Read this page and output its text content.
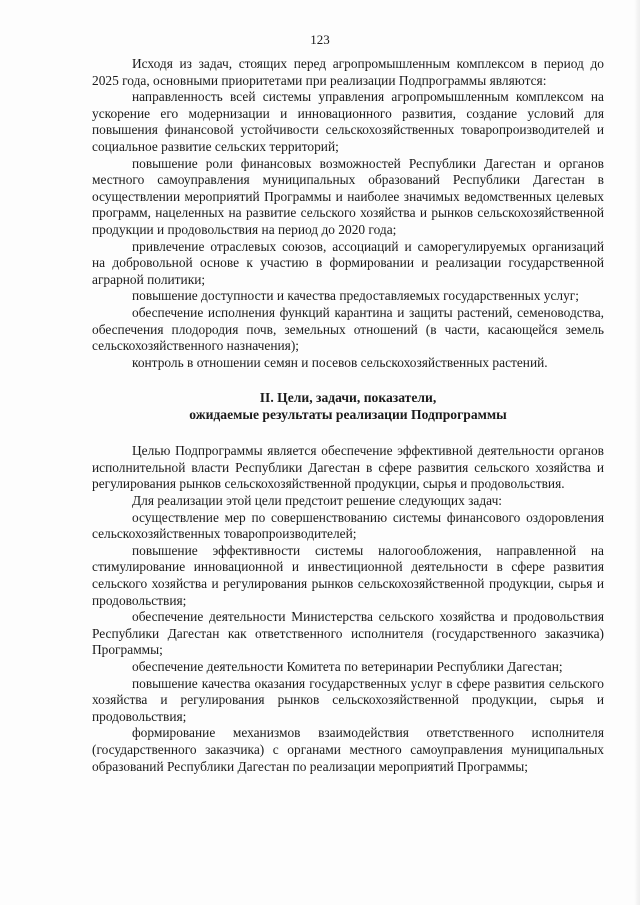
123

Исходя из задач, стоящих перед агропромышленным комплексом в период до 2025 года, основными приоритетами при реализации Подпрограммы являются:

направленность всей системы управления агропромышленным комплексом на ускорение его модернизации и инновационного развития, создание условий для повышения финансовой устойчивости сельскохозяйственных товаропроизводителей и социальное развитие сельских территорий;

повышение роли финансовых возможностей Республики Дагестан и органов местного самоуправления муниципальных образований Республики Дагестан в осуществлении мероприятий Программы и наиболее значимых ведомственных целевых программ, нацеленных на развитие сельского хозяйства и рынков сельскохозяйственной продукции и продовольствия на период до 2020 года;

привлечение отраслевых союзов, ассоциаций и саморегулируемых организаций на добровольной основе к участию в формировании и реализации государственной аграрной политики;

повышение доступности и качества предоставляемых государственных услуг;

обеспечение исполнения функций карантина и защиты растений, семеноводства, обеспечения плодородия почв, земельных отношений (в части, касающейся земель сельскохозяйственного назначения);

контроль в отношении семян и посевов сельскохозяйственных растений.

II. Цели, задачи, показатели,
ожидаемые результаты реализации Подпрограммы

Целью Подпрограммы является обеспечение эффективной деятельности органов исполнительной власти Республики Дагестан в сфере развития сельского хозяйства и регулирования рынков сельскохозяйственной продукции, сырья и продовольствия.

Для реализации этой цели предстоит решение следующих задач:

осуществление мер по совершенствованию системы финансового оздоровления сельскохозяйственных товаропроизводителей;

повышение эффективности системы налогообложения, направленной на стимулирование инновационной и инвестиционной деятельности в сфере развития сельского хозяйства и регулирования рынков сельскохозяйственной продукции, сырья и продовольствия;

обеспечение деятельности Министерства сельского хозяйства и продовольствия Республики Дагестан как ответственного исполнителя (государственного заказчика) Программы;

обеспечение деятельности Комитета по ветеринарии Республики Дагестан;

повышение качества оказания государственных услуг в сфере развития сельского хозяйства и регулирования рынков сельскохозяйственной продукции, сырья и продовольствия;

формирование механизмов взаимодействия ответственного исполнителя (государственного заказчика) с органами местного самоуправления муниципальных образований Республики Дагестан по реализации мероприятий Программы;
